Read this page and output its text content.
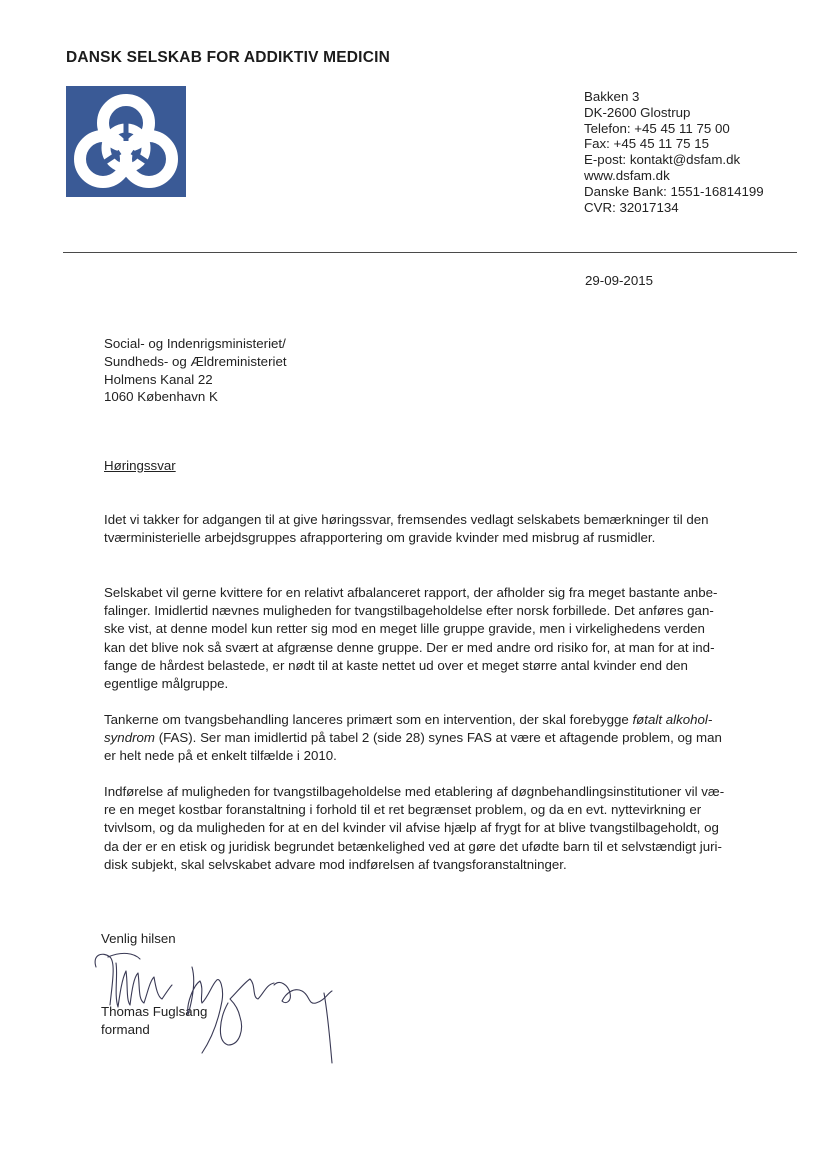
DANSK SELSKAB FOR ADDIKTIV MEDICIN
Bakken 3
DK-2600 Glostrup
Telefon: +45 45 11 75 00
Fax: +45 45 11 75 15
E-post: kontakt@dsfam.dk
www.dsfam.dk
Danske Bank: 1551-16814199
CVR: 32017134
29-09-2015
Social- og Indenrigsministeriet/
Sundheds- og Ældreministeriet
Holmens Kanal 22
1060 København K
Høringssvar
Idet vi takker for adgangen til at give høringssvar, fremsendes vedlagt selskabets bemærkninger til den
tværministerielle arbejdsgruppes afrapportering om gravide kvinder med misbrug af rusmidler.
Selskabet vil gerne kvittere for en relativt afbalanceret rapport, der afholder sig fra meget bastante anbe-
falinger. Imidlertid nævnes muligheden for tvangstilbageholdelse efter norsk forbillede. Det anføres gan-
ske vist, at denne model kun retter sig mod en meget lille gruppe gravide, men i virkelighedens verden
kan det blive nok så svært at afgrænse denne gruppe. Der er med andre ord risiko for, at man for at ind-
fange de hårdest belastede, er nødt til at kaste nettet ud over et meget større antal kvinder end den
egentlige målgruppe.
Tankerne om tvangsbehandling lanceres primært som en intervention, der skal forebygge føtalt alkohol-
syndrom (FAS). Ser man imidlertid på tabel 2 (side 28) synes FAS at være et aftagende problem, og man
er helt nede på et enkelt tilfælde i 2010.
Indførelse af muligheden for tvangstilbageholdelse med etablering af døgnbehandlingsinstitutioner vil væ-
re en meget kostbar foranstaltning i forhold til et ret begrænset problem, og da en evt. nyttevirkning er
tvivlsom, og da muligheden for at en del kvinder vil afvise hjælp af frygt for at blive tvangstilbageholdt, og
da der er en etisk og juridisk begrundet betænkelighed ved at gøre det ufødte barn til et selvstændigt juri-
disk subjekt, skal selvskabet advare mod indførelsen af tvangsforanstaltninger.
Venlig hilsen
Thomas Fuglsang
formand
